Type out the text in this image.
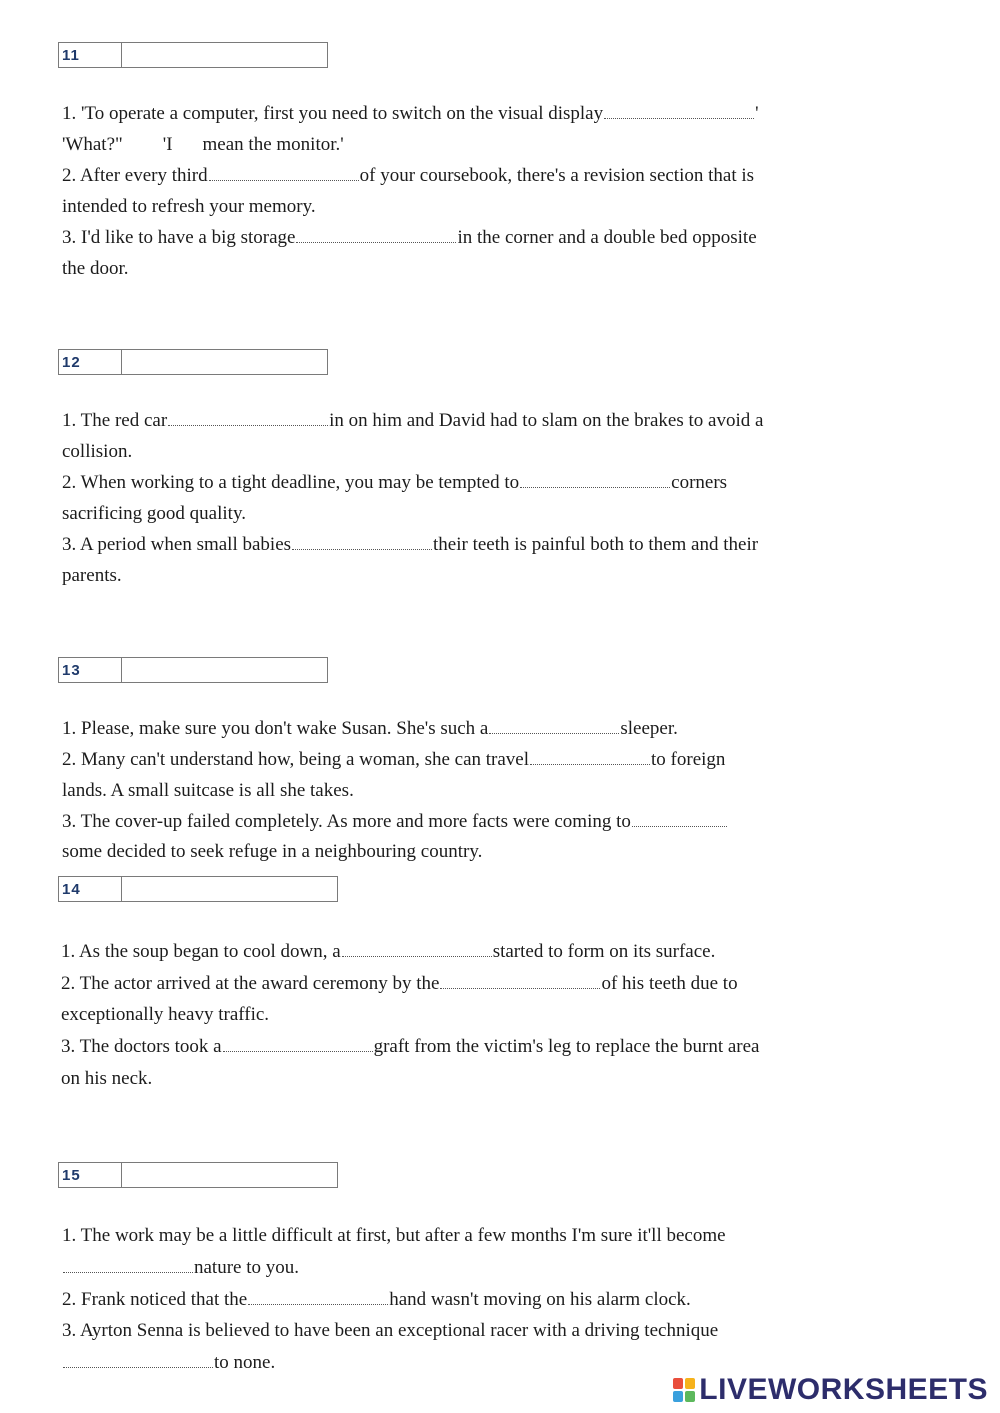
11
1. 'To operate a computer, first you need to switch on the visual display	'
'What?" 'I mean the monitor.'
2. After every third	of your coursebook, there's a revision section that is
intended to refresh your memory.
3. I'd like to have a big storage	in the corner and a double bed opposite
the door.
12
1. The red car	in on him and David had to slam on the brakes to avoid a
collision.
2. When working to a tight deadline, you may be tempted to	corners
sacrificing good quality.
3. A period when small babies	their teeth is painful both to them and their
parents.
13
1. Please, make sure you don't wake Susan. She's such a	sleeper.
2. Many can't understand how, being a woman, she can travel	to foreign
lands. A small suitcase is all she takes.
3. The cover-up failed completely. As more and more facts were coming to
some decided to seek refuge in a neighbouring country.
14
1. As the soup began to cool down, a	started to form on its surface.
2. The actor arrived at the award ceremony by the	of his teeth due to
exceptionally heavy traffic.
3. The doctors took a	graft from the victim's leg to replace the burnt area
on his neck.
15
1. The work may be a little difficult at first, but after a few months I'm sure it'll become
nature to you.
2. Frank noticed that the	hand wasn't moving on his alarm clock.
3. Ayrton Senna is believed to have been an exceptional racer with a driving technique
to none.
LIVEWORKSHEETS
